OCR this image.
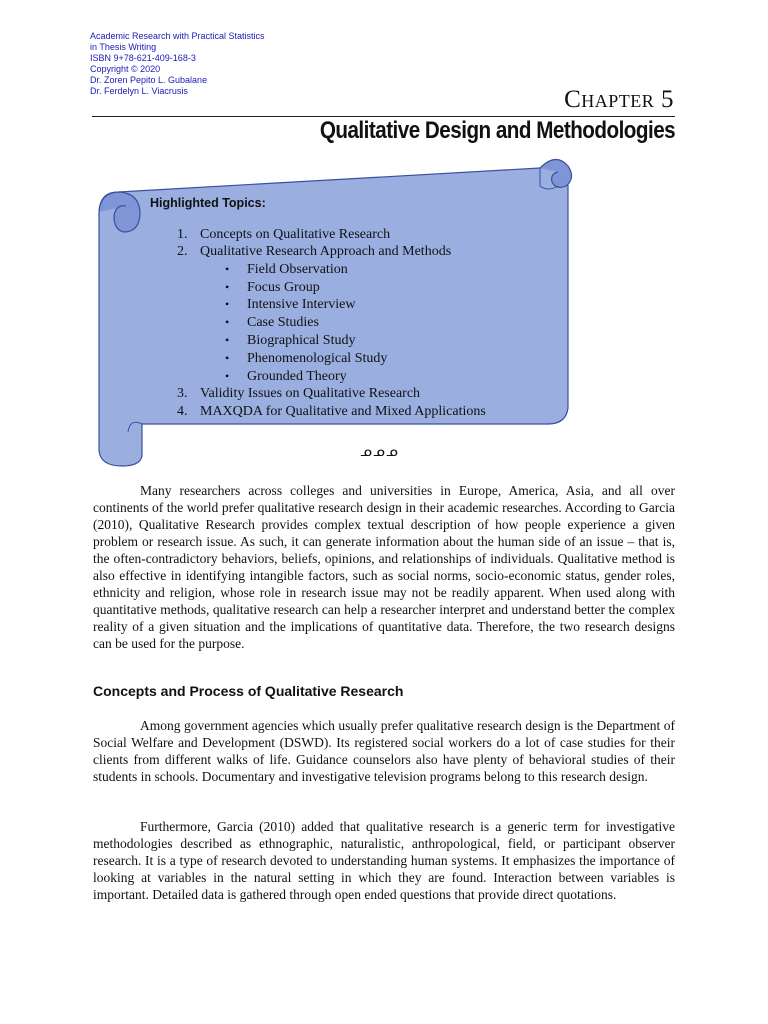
Academic Research with Practical Statistics
in Thesis Writing
ISBN 9+78-621-409-168-3
Copyright © 2020
Dr. Zoren Pepito L. Gubalane
Dr. Ferdelyn L. Viacrusis	Chapter 5
Qualitative Design and Methodologies
Highlighted Topics:
1. Concepts on Qualitative Research
2. Qualitative Research Approach and Methods
• Field Observation
• Focus Group
• Intensive Interview
• Case Studies
• Biographical Study
• Phenomenological Study
• Grounded Theory
3. Validity Issues on Qualitative Research
4. MAXQDA for Qualitative and Mixed Applications
ᓄᓄᓄ

Many researchers across colleges and universities in Europe, America, Asia, and all over continents of the world prefer qualitative research design in their academic researches. According to Garcia (2010), Qualitative Research provides complex textual description of how people experience a given problem or research issue. As such, it can generate information about the human side of an issue – that is, the often-contradictory behaviors, beliefs, opinions, and relationships of individuals. Qualitative method is also effective in identifying intangible factors, such as social norms, socio-economic status, gender roles, ethnicity and religion, whose role in research issue may not be readily apparent. When used along with quantitative methods, qualitative research can help a researcher interpret and understand better the complex reality of a given situation and the implications of quantitative data. Therefore, the two research designs can be used for the purpose.

Concepts and Process of Qualitative Research

Among government agencies which usually prefer qualitative research design is the Department of Social Welfare and Development (DSWD). Its registered social workers do a lot of case studies for their clients from different walks of life. Guidance counselors also have plenty of behavioral studies of their students in schools. Documentary and investigative television programs belong to this research design.

Furthermore, Garcia (2010) added that qualitative research is a generic term for investigative methodologies described as ethnographic, naturalistic, anthropological, field, or participant observer research. It is a type of research devoted to understanding human systems. It emphasizes the importance of looking at variables in the natural setting in which they are found. Interaction between variables is important. Detailed data is gathered through open ended questions that provide direct quotations.
